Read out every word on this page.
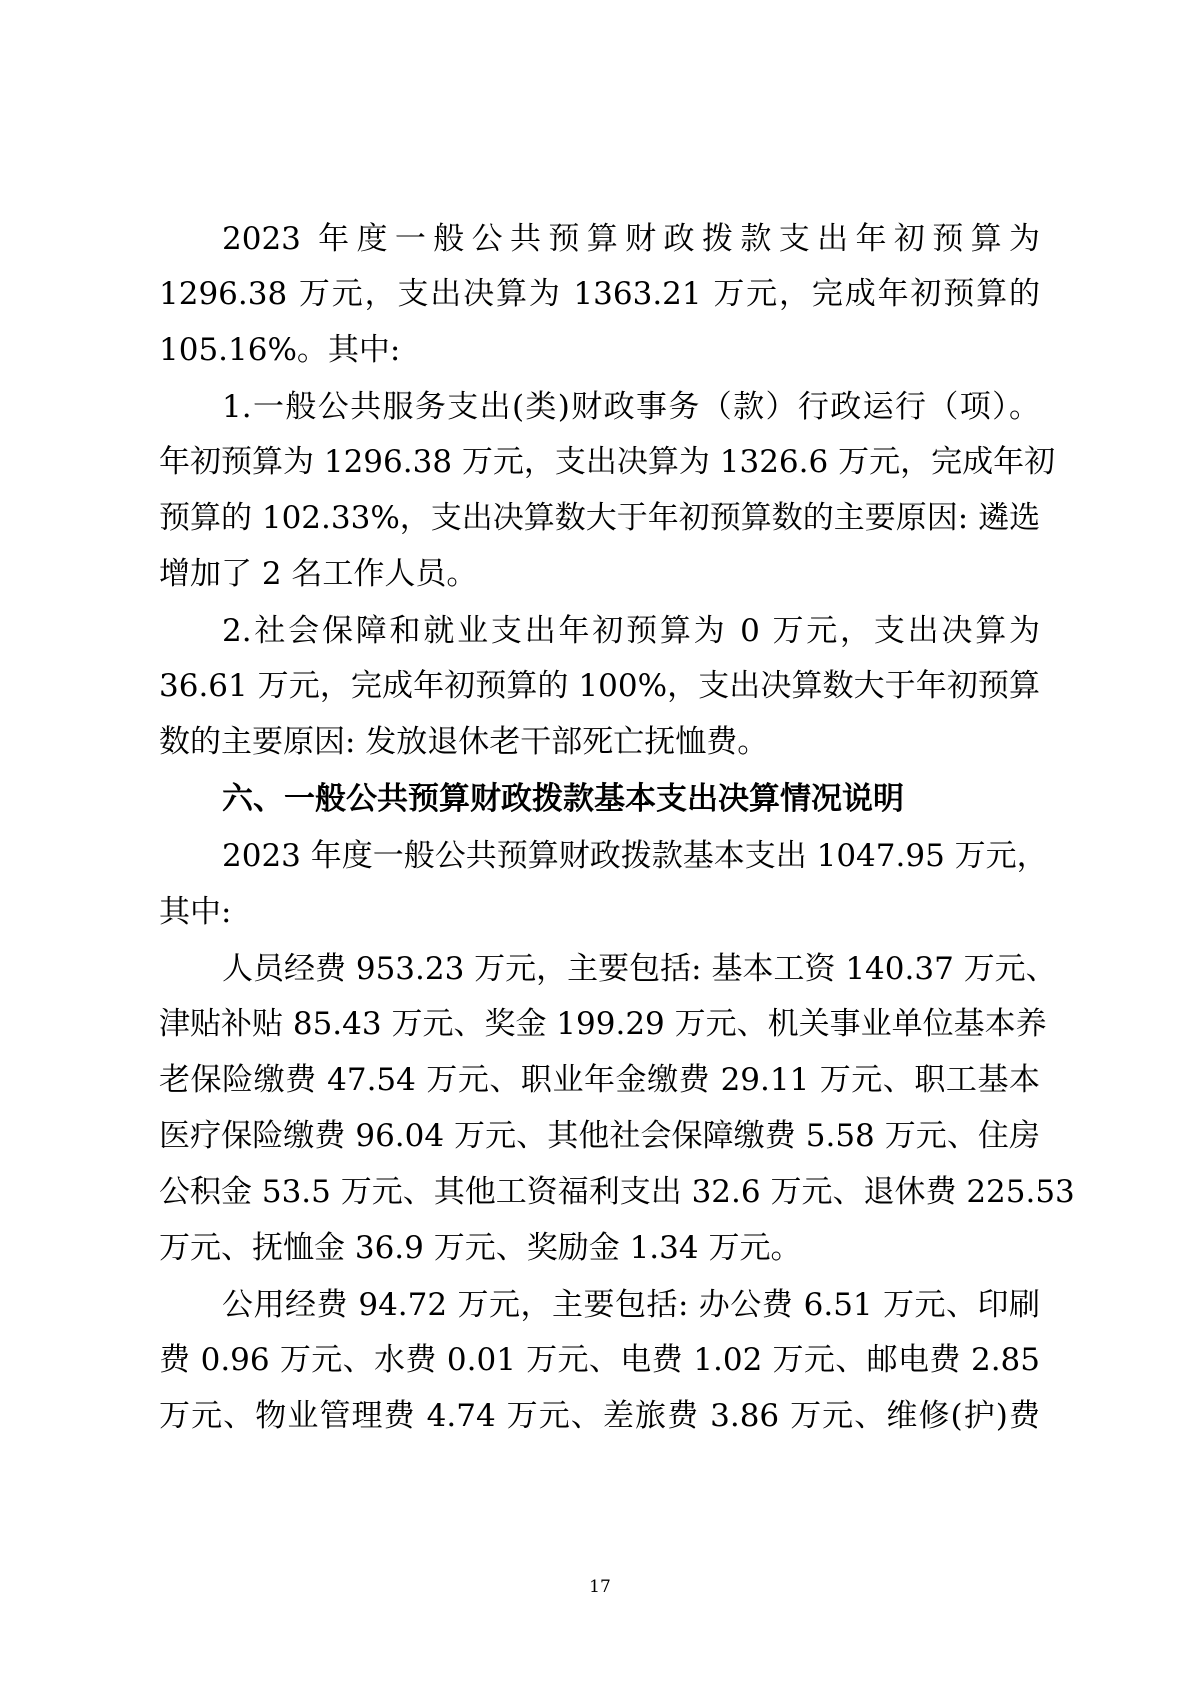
2023 年度一般公共预算财政拨款支出年初预算为

1296.38 万元，支出决算为 1363.21 万元，完成年初预算的

105.16%。其中:

1.一般公共服务支出(类)财政事务（款）行政运行（项）。

年初预算为 1296.38 万元，支出决算为 1326.6 万元，完成年初

预算的 102.33%，支出决算数大于年初预算数的主要原因: 遴选

增加了 2 名工作人员。

2.社会保障和就业支出年初预算为 0 万元，支出决算为

36.61 万元，完成年初预算的 100%，支出决算数大于年初预算

数的主要原因: 发放退休老干部死亡抚恤费。

六、一般公共预算财政拨款基本支出决算情况说明

2023 年度一般公共预算财政拨款基本支出 1047.95 万元，

其中:

人员经费 953.23 万元，主要包括: 基本工资 140.37 万元、

津贴补贴 85.43 万元、奖金 199.29 万元、机关事业单位基本养

老保险缴费 47.54 万元、职业年金缴费 29.11 万元、职工基本

医疗保险缴费 96.04 万元、其他社会保障缴费 5.58 万元、住房

公积金 53.5 万元、其他工资福利支出 32.6 万元、退休费 225.53

万元、抚恤金 36.9 万元、奖励金 1.34 万元。

公用经费 94.72 万元，主要包括: 办公费 6.51 万元、印刷

费 0.96 万元、水费 0.01 万元、电费 1.02 万元、邮电费 2.85

万元、物业管理费 4.74 万元、差旅费 3.86 万元、维修(护)费

17
